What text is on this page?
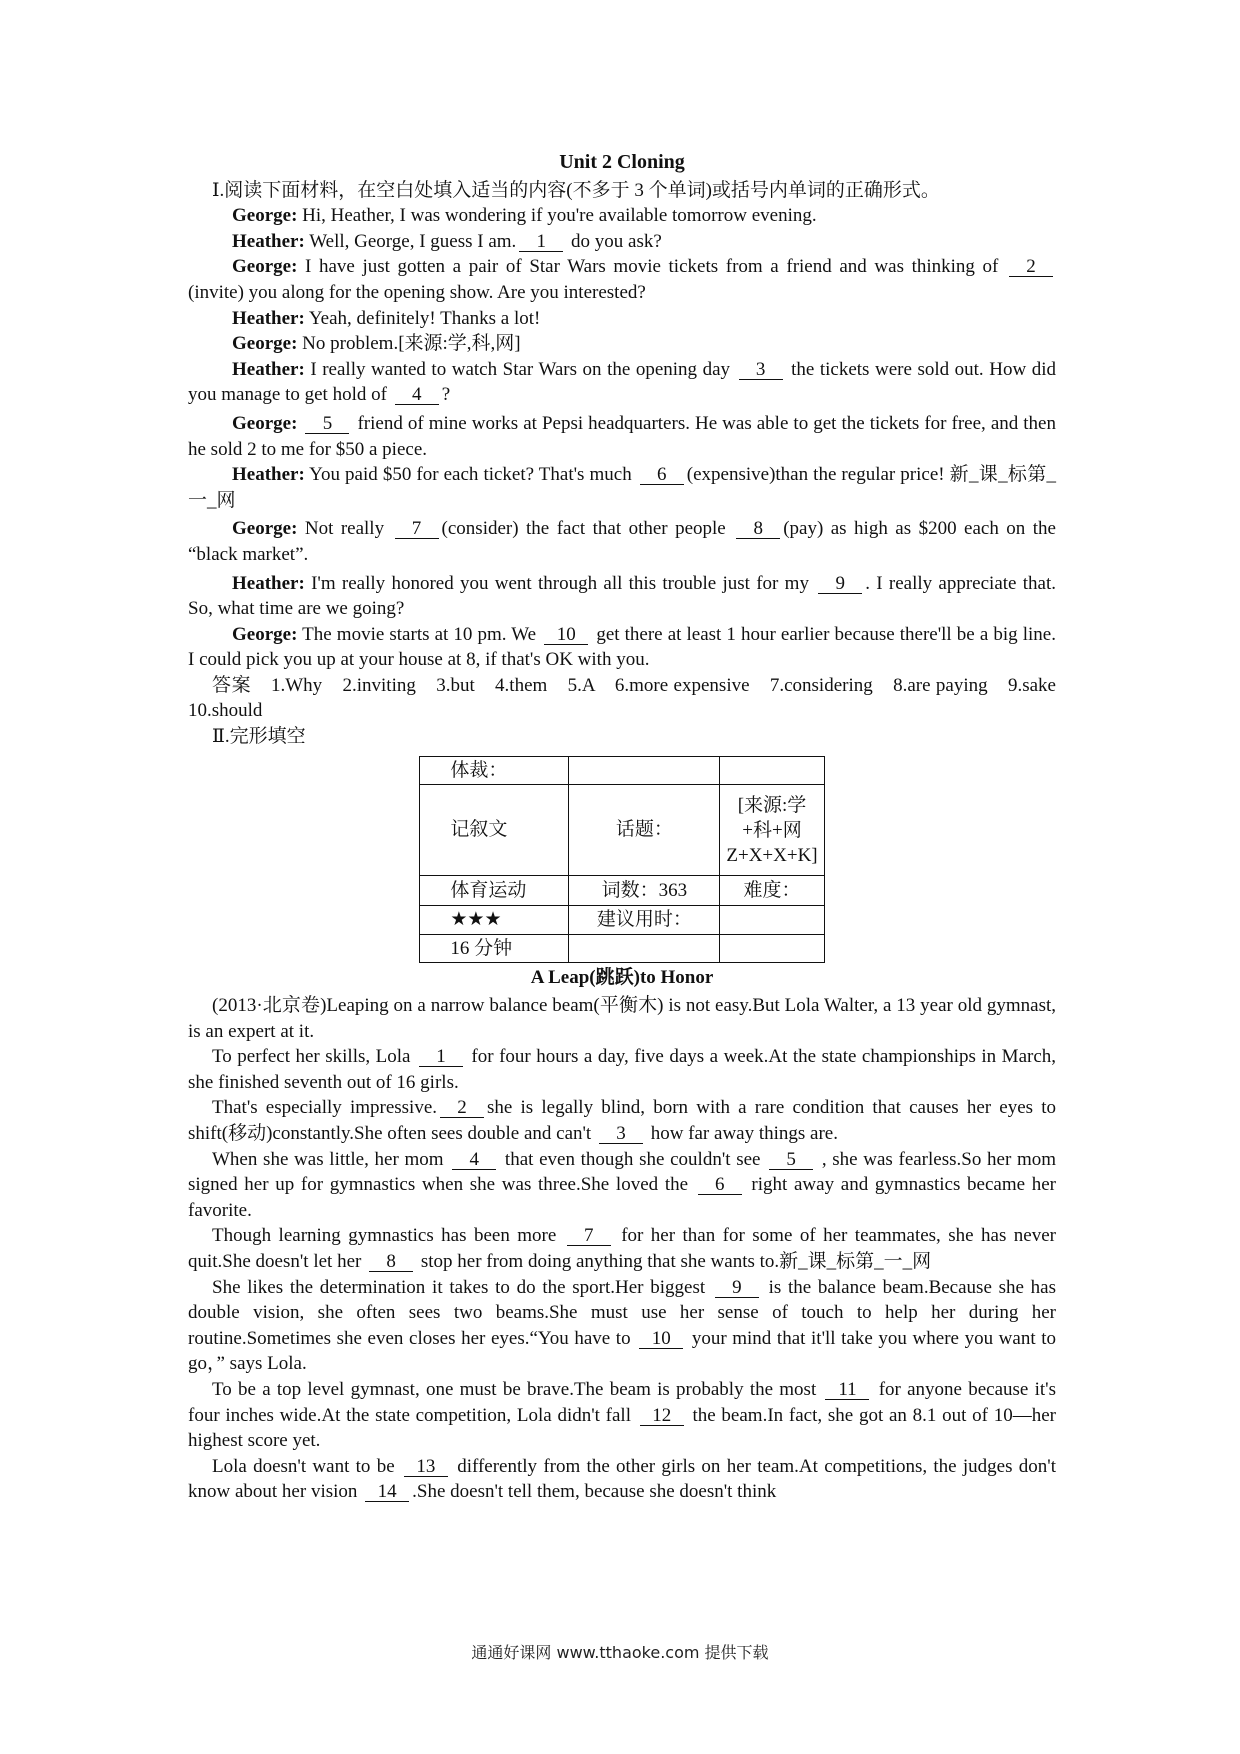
Unit 2 Cloning

Ⅰ.阅读下面材料，在空白处填入适当的内容(不多于 3 个单词)或括号内单词的正确形式。

George: Hi, Heather, I was wondering if you're available tomorrow evening.

Heather: Well, George, I guess I am. 1 do you ask?

George: I have just gotten a pair of Star Wars movie tickets from a friend and was thinking of 2(invite) you along for the opening show. Are you interested?

Heather: Yeah, definitely! Thanks a lot!

George: No problem.[来源:学,科,网]

Heather: I really wanted to watch Star Wars on the opening day 3 the tickets were sold out. How did you manage to get hold of 4 ?

George: 5 friend of mine works at Pepsi headquarters. He was able to get the tickets for free, and then he sold 2 to me for $50 a piece.

Heather: You paid $50 for each ticket? That's much 6 (expensive)than the regular price! 新_课_标第_一_网

George: Not really 7 (consider) the fact that other people 8 (pay) as high as $200 each on the “black market”.

Heather: I'm really honored you went through all this trouble just for my 9 . I really appreciate that. So, what time are we going?

George: The movie starts at 10 pm. We 10 get there at least 1 hour earlier because there'll be a big line. I could pick you up at your house at 8, if that's OK with you.

答案　1.Why　2.inviting　3.but　4.them　5.A　6.more expensive　7.considering　8.are paying　9.sake　10.should

Ⅱ.完形填空

体裁：		
记叙文	话题：	[来源:学+科+网Z+X+X+K]
体育运动	词数：363	难度：
★★★	建议用时：	
16 分钟		
A Leap(跳跃)to Honor

(2013·北京卷)Leaping on a narrow balance beam(平衡木) is not easy.But Lola Walter, a 13 year old gymnast, is an expert at it.

To perfect her skills, Lola 1 for four hours a day, five days a week.At the state championships in March, she finished seventh out of 16 girls.

That's especially impressive. 2 she is legally blind, born with a rare condition that causes her eyes to shift(移动)constantly.She often sees double and can't 3 how far away things are.

When she was little, her mom 4 that even though she couldn't see 5 , she was fearless.So her mom signed her up for gymnastics when she was three.She loved the 6 right away and gymnastics became her favorite.

Though learning gymnastics has been more 7 for her than for some of her teammates, she has never quit.She doesn't let her 8 stop her from doing anything that she wants to.新_课_标第_一_网

She likes the determination it takes to do the sport.Her biggest 9 is the balance beam.Because she has double vision, she often sees two beams.She must use her sense of touch to help her during her routine.Sometimes she even closes her eyes.“You have to 10 your mind that it'll take you where you want to go，” says Lola.

To be a top level gymnast, one must be brave.The beam is probably the most 11 for anyone because it's four inches wide.At the state competition, Lola didn't fall 12 the beam.In fact, she got an 8.1 out of 10—her highest score yet.

Lola doesn't want to be 13 differently from the other girls on her team.At competitions, the judges don't know about her vision 14 .She doesn't tell them, because she doesn't think

通通好课网 www.tthaoke.com 提供下载
